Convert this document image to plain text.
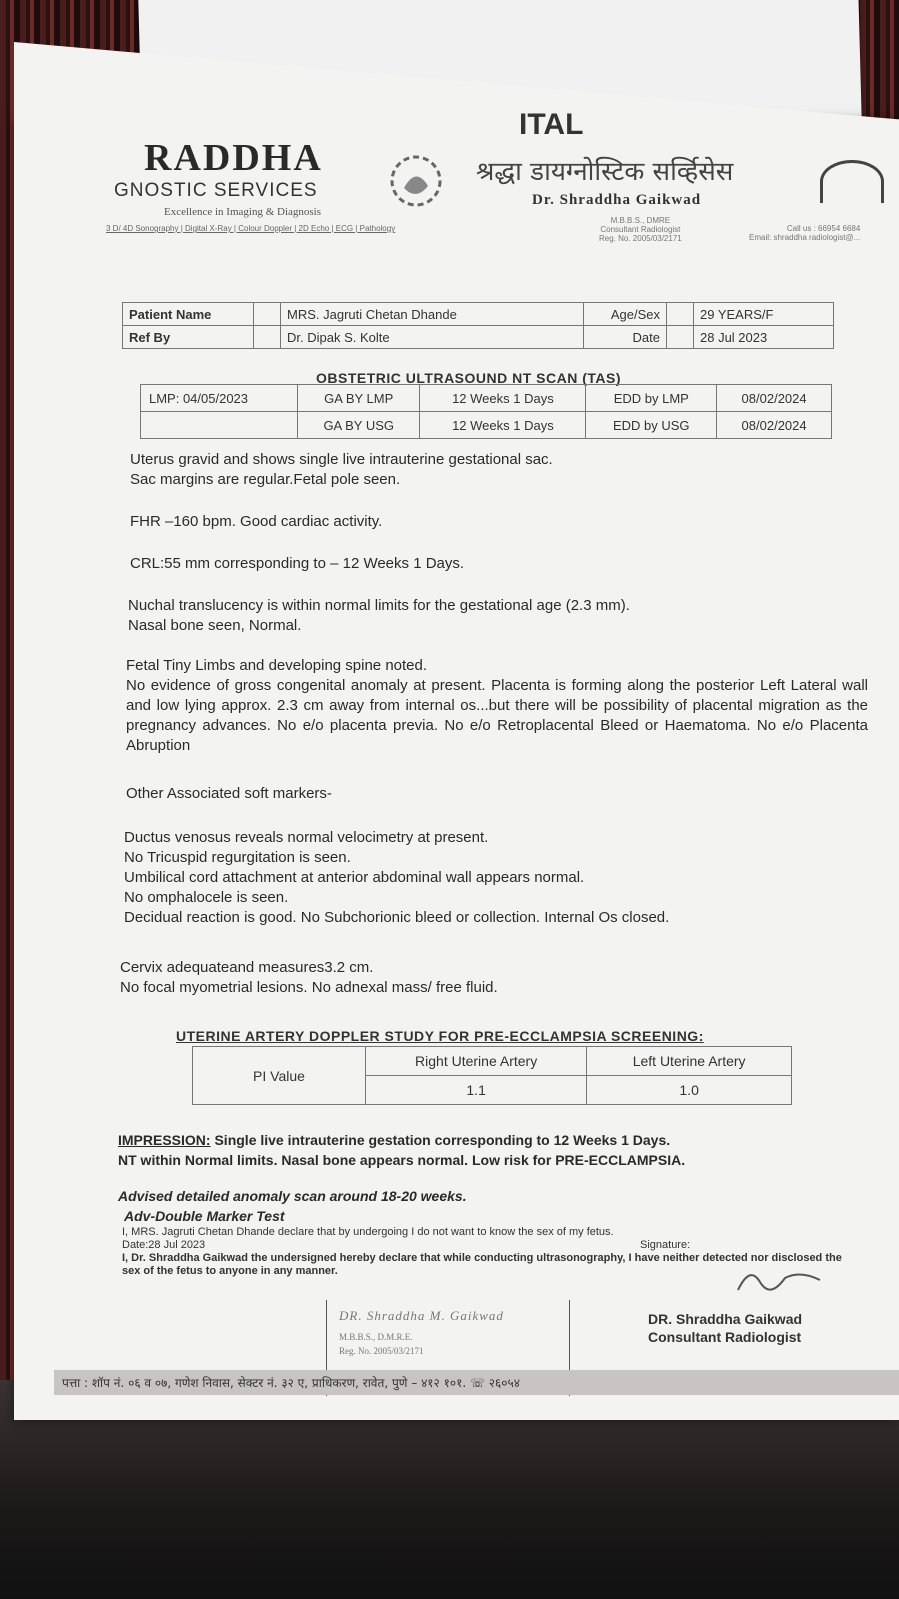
ITAL
RADDHA
GNOSTIC SERVICES
Excellence in Imaging & Diagnosis
3 D/ 4D Sonography | Digital X-Ray | Colour Doppler | 2D Echo | ECG | Pathology
श्रद्धा डायग्नोस्टिक सर्व्हिसेस
Dr. Shraddha Gaikwad
M.B.B.S., DMRE
Consultant Radiologist
Reg. No. 2005/03/2171
Call us : 66954 6684
Email: shraddha radiologist@...
Patient Name		MRS. Jagruti Chetan Dhande	Age/Sex		29 YEARS/F
Ref By		Dr. Dipak S. Kolte	Date		28 Jul 2023
OBSTETRIC ULTRASOUND NT SCAN (TAS)
LMP: 04/05/2023	GA BY LMP	12 Weeks 1 Days	EDD by LMP	08/02/2024
	GA BY USG	12 Weeks 1 Days	EDD by USG	08/02/2024
Uterus gravid and shows single live intrauterine gestational sac.
Sac margins are regular.Fetal pole seen.
FHR –160 bpm. Good cardiac activity.
CRL:55 mm corresponding to – 12 Weeks 1 Days.
Nuchal translucency is within normal limits for the gestational age (2.3 mm).
Nasal bone seen, Normal.
Fetal Tiny Limbs and developing spine noted.
No evidence of gross congenital anomaly at present. Placenta is forming along the posterior Left Lateral wall and low lying approx. 2.3 cm away from internal os...but there will be possibility of placental migration as the pregnancy advances. No e/o placenta previa. No e/o Retroplacental Bleed or Haematoma. No e/o Placenta Abruption
Other Associated soft markers-
Ductus venosus reveals normal velocimetry at present.
No Tricuspid regurgitation is seen.
Umbilical cord attachment at anterior abdominal wall appears normal.
No omphalocele is seen.
Decidual reaction is good. No Subchorionic bleed or collection. Internal Os closed.
Cervix adequateand measures3.2 cm.
No focal myometrial lesions. No adnexal mass/ free fluid.
UTERINE ARTERY DOPPLER STUDY FOR PRE-ECCLAMPSIA SCREENING:
PI Value	Right Uterine Artery	Left Uterine Artery
	1.1	1.0
IMPRESSION: Single live intrauterine gestation corresponding to 12 Weeks 1 Days.
NT within Normal limits. Nasal bone appears normal. Low risk for PRE-ECCLAMPSIA.
Advised detailed anomaly scan around 18-20 weeks.
Adv-Double Marker Test
I, MRS. Jagruti Chetan Dhande declare that by undergoing I do not want to know the sex of my fetus.
Date:28 Jul 2023	Signature:
I, Dr. Shraddha Gaikwad the undersigned hereby declare that while conducting ultrasonography, I have neither detected nor disclosed the sex of the fetus to anyone in any manner.
DR. Shraddha M. Gaikwad
M.B.B.S., D.M.R.E.
Reg. No. 2005/03/2171
DR. Shraddha Gaikwad
Consultant Radiologist
पत्ता : शॉप नं. ०६ व ०७, गणेश निवास, सेक्टर नं. ३२ ए, प्राधिकरण, रावेत, पुणे – ४१२ १०१. ☏ २६०५४
